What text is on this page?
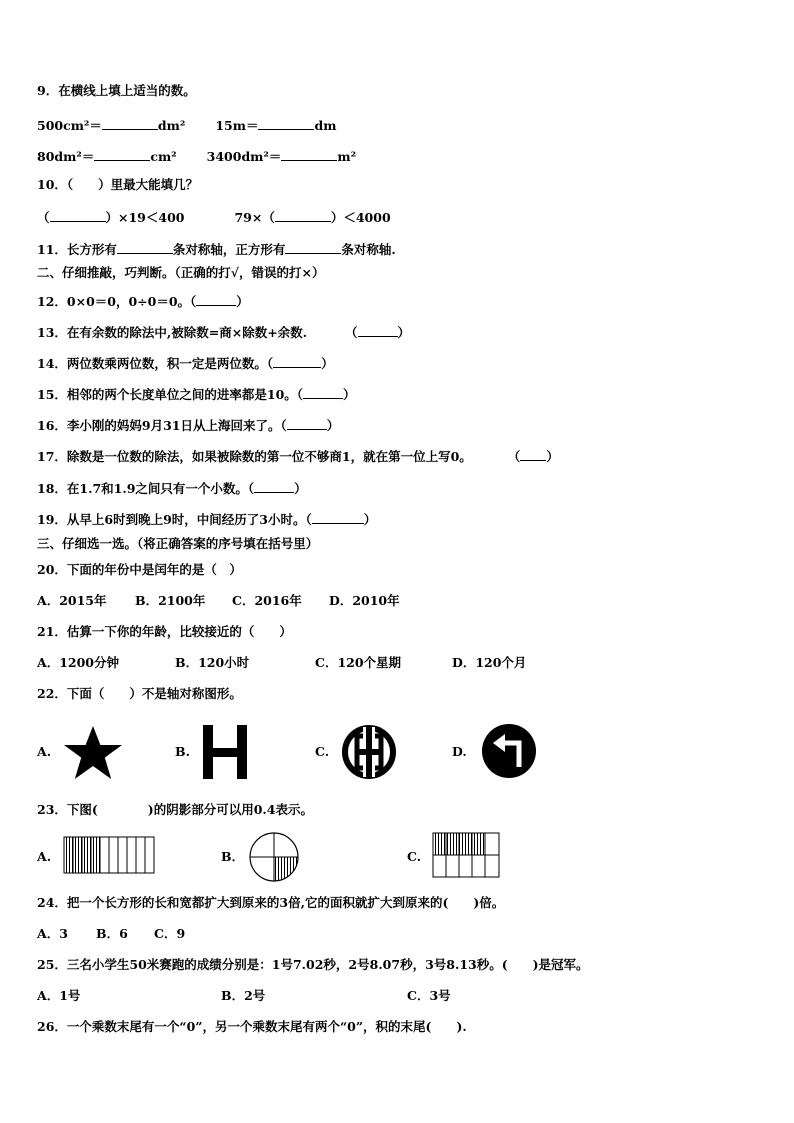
9．在横线上填上适当的数。
500cm²＝	dm² 15m＝	dm
80dm²＝	cm² 3400dm²＝	m²
10．（　　）里最大能填几？
（	）×19＜400	79×（	）＜4000
11．长方形有	条对称轴，正方形有	条对称轴.
二、仔细推敲，巧判断。（正确的打√，错误的打×）
12．0×0＝0，0÷0＝0。（	）
13．在有余数的除法中,被除数=商×除数+余数.	（	）
14．两位数乘两位数，积一定是两位数。（	）
15．相邻的两个长度单位之间的进率都是10。（	）
16．李小刚的妈妈9月31日从上海回来了。（	）
17．除数是一位数的除法，如果被除数的第一位不够商1，就在第一位上写0。	（ ）
18．在1.7和1.9之间只有一个小数。（	）
19．从早上6时到晚上9时，中间经历了3小时。（	）
三、仔细选一选。（将正确答案的序号填在括号里）
20．下面的年份中是闰年的是（　）
A．2015年 B．2100年 C．2016年 D．2010年
21．估算一下你的年龄，比较接近的（　　）
A．1200分钟	B．120小时	C．120个星期	D．120个月
22．下面（　　）不是轴对称图形。
A.	B.	C.	D.
23．下图(　　　　)的阴影部分可以用0.4表示。
A.	B．	C.
24．把一个长方形的长和宽都扩大到原来的3倍,它的面积就扩大到原来的(　　)倍。
A．3 B．6 C．9
25．三名小学生50米赛跑的成绩分别是：1号7.02秒，2号8.07秒，3号8.13秒。(　　)是冠军。
A．1号	B．2号	C．3号
26．一个乘数末尾有一个“0”，另一个乘数末尾有两个“0”，积的末尾(　　).
